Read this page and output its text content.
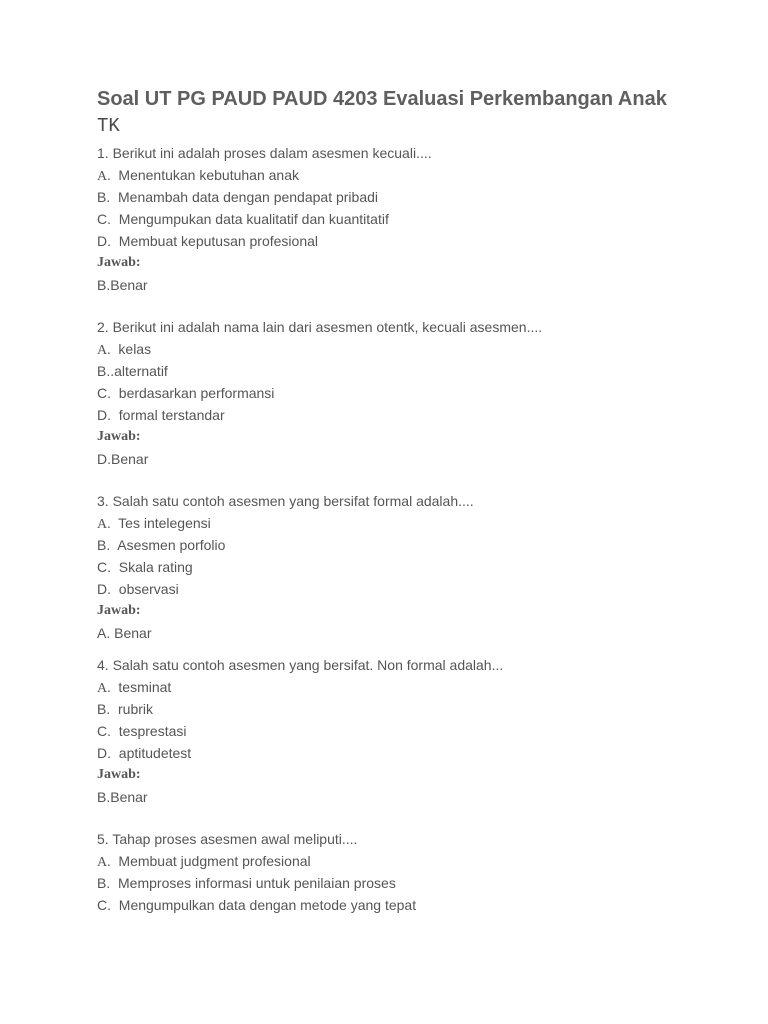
Soal UT PG PAUD PAUD 4203 Evaluasi Perkembangan Anak
TK
1. Berikut ini adalah proses dalam asesmen kecuali....
A. Menentukan kebutuhan anak
B. Menambah data dengan pendapat pribadi
C. Mengumpukan data kualitatif dan kuantitatif
D. Membuat keputusan profesional
Jawab:
B.Benar
2. Berikut ini adalah nama lain dari asesmen otentk, kecuali asesmen....
A. kelas
B..alternatif
C. berdasarkan performansi
D. formal terstandar
Jawab:
D.Benar
3. Salah satu contoh asesmen yang bersifat formal adalah....
A. Tes intelegensi
B. Asesmen porfolio
C. Skala rating
D. observasi
Jawab:
A. Benar
4. Salah satu contoh asesmen yang bersifat. Non formal adalah...
A. tesminat
B. rubrik
C. tesprestasi
D. aptitudetest
Jawab:
B.Benar
5. Tahap proses asesmen awal meliputi....
A. Membuat judgment profesional
B. Memproses informasi untuk penilaian proses
C. Mengumpulkan data dengan metode yang tepat
